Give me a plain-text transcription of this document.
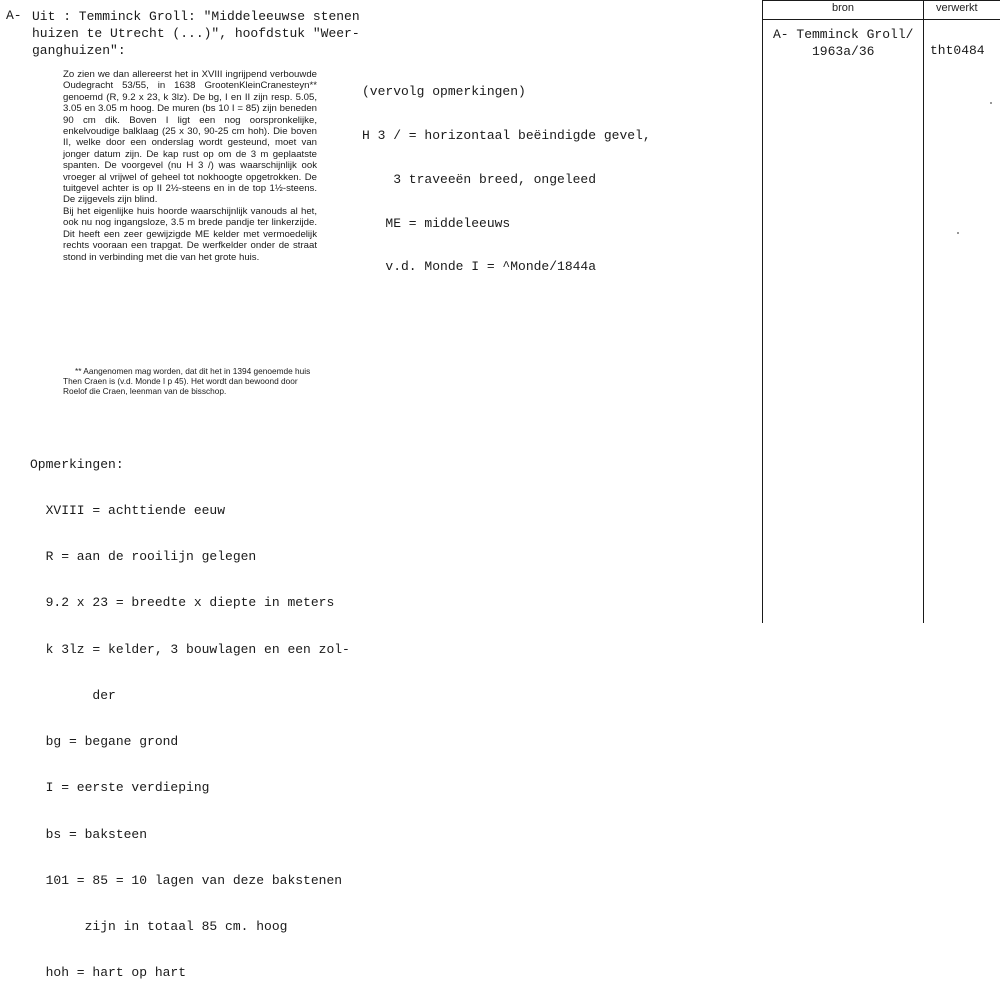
A- Uit : Temminck Groll: "Middeleeuwse stenen
huizen te Utrecht (...)", hoofdstuk "Weer-
ganghuizen":

Zo zien we dan allereerst het in XVIII ingrijpend verbouwde Oudegracht 53/55, in 1638 GrootenKleinCranesteyn** genoemd (R, 9.2 x 23, k 3lz). De bg, I en II zijn resp. 5.05, 3.05 en 3.05 m hoog. De muren (bs 10 I = 85) zijn beneden 90 cm dik. Boven I ligt een nog oorspronkelijke, enkelvoudige balklaag (25 x 30, 90-25 cm hoh). Die boven II, welke door een onderslag wordt gesteund, moet van jonger datum zijn. De kap rust op om de 3 m geplaatste spanten. De voorgevel (nu H 3 /) was waarschijnlijk ook vroeger al vrijwel of geheel tot nokhoogte opgetrokken. De tuitgevel achter is op II 2½-steens en in de top 1½-steens. De zijgevels zijn blind.

Bij het eigenlijke huis hoorde waarschijnlijk vanouds al het, ook nu nog ingangsloze, 3.5 m brede pandje ter linkerzijde. Dit heeft een zeer gewijzigde ME kelder met vermoedelijk rechts vooraan een trapgat. De werfkelder onder de straat stond in verbinding met die van het grote huis.

** Aangenomen mag worden, dat dit het in 1394 genoemde huis Then Craen is (v.d. Monde I p 45). Het wordt dan bewoond door Roelof die Craen, leenman van de bisschop.

Opmerkingen:

XVIII = achttiende eeuw

R = aan de rooilijn gelegen

9.2 x 23 = breedte x diepte in meters

k 3lz = kelder, 3 bouwlagen en een zol-

der

bg = begane grond

I = eerste verdieping

bs = baksteen

101 = 85 = 10 lagen van deze bakstenen

zijn in totaal 85 cm. hoog

hoh = hart op hart

(vervolg opmerkingen)

H 3 / = horizontaal beëindigde gevel,

3 traveeën breed, ongeleed

ME = middeleeuws

v.d. Monde I = ^Monde/1844a

bron	verwerkt
A- Temminck Groll/
1963a/36	tht0484
